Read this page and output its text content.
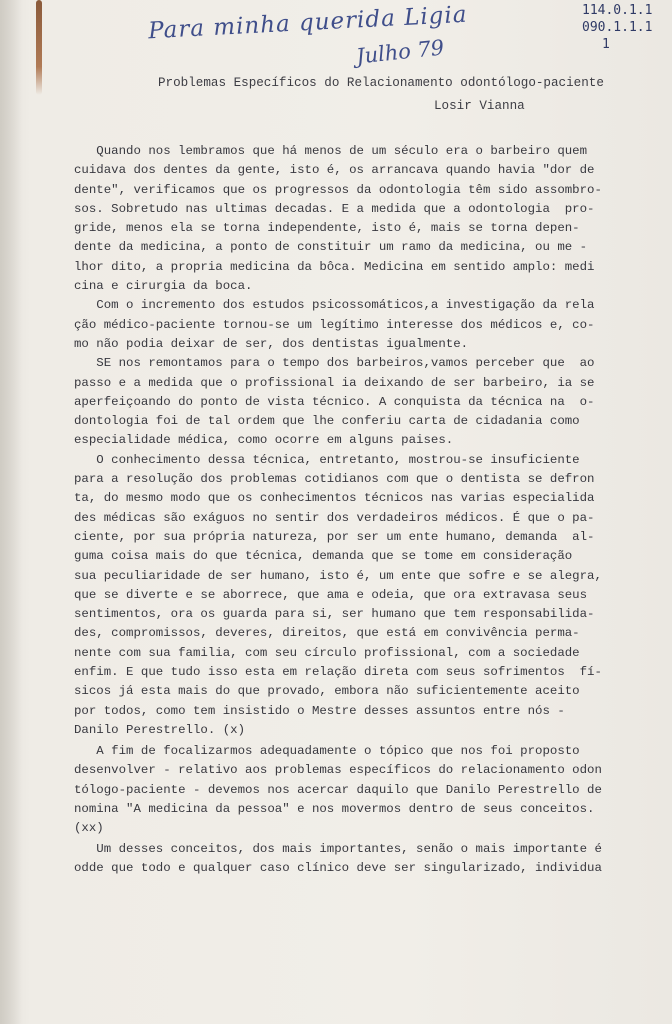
Para minha querida Ligia
Julho 79
114.0.1.1
090.1.1.1
1
Problemas Específicos do Relacionamento odontólogo-paciente
Losir Vianna
Quando nos lembramos que há menos de um século era o barbeiro quem
cuidava dos dentes da gente, isto é, os arrancava quando havia "dor de
dente", verificamos que os progressos da odontologia têm sido assombro-
sos. Sobretudo nas ultimas decadas. E a medida que a odontologia  pro-
gride, menos ela se torna independente, isto é, mais se torna depen-
dente da medicina, a ponto de constituir um ramo da medicina, ou me -
lhor dito, a propria medicina da bôca. Medicina em sentido amplo: medi
cina e cirurgia da boca.
Com o incremento dos estudos psicossomáticos,a investigação da rela
ção médico-paciente tornou-se um legítimo interesse dos médicos e, co-
mo não podia deixar de ser, dos dentistas igualmente.
SE nos remontamos para o tempo dos barbeiros,vamos perceber que  ao
passo e a medida que o profissional ia deixando de ser barbeiro, ia se
aperfeiçoando do ponto de vista técnico. A conquista da técnica na  o-
dontologia foi de tal ordem que lhe conferiu carta de cidadania como
especialidade médica, como ocorre em alguns paises.
O conhecimento dessa técnica, entretanto, mostrou-se insuficiente
para a resolução dos problemas cotidianos com que o dentista se defron
ta, do mesmo modo que os conhecimentos técnicos nas varias especialida
des médicas são exáguos no sentir dos verdadeiros médicos. É que o pa-
ciente, por sua própria natureza, por ser um ente humano, demanda  al-
guma coisa mais do que técnica, demanda que se tome em consideração
sua peculiaridade de ser humano, isto é, um ente que sofre e se alegra,
que se diverte e se aborrece, que ama e odeia, que ora extravasa seus
sentimentos, ora os guarda para si, ser humano que tem responsabilida-
des, compromissos, deveres, direitos, que está em convivência perma-
nente com sua familia, com seu círculo profissional, com a sociedade
enfim. E que tudo isso esta em relação direta com seus sofrimentos  fí-
sicos já esta mais do que provado, embora não suficientemente aceito
por todos, como tem insistido o Mestre desses assuntos entre nós -
Danilo Perestrello. (x)
A fim de focalizarmos adequadamente o tópico que nos foi proposto
desenvolver - relativo aos problemas específicos do relacionamento odon
tólogo-paciente - devemos nos acercar daquilo que Danilo Perestrello de
nomina "A medicina da pessoa" e nos movermos dentro de seus conceitos.
(xx)
Um desses conceitos, dos mais importantes, senão o mais importante é
odde que todo e qualquer caso clínico deve ser singularizado, individua
